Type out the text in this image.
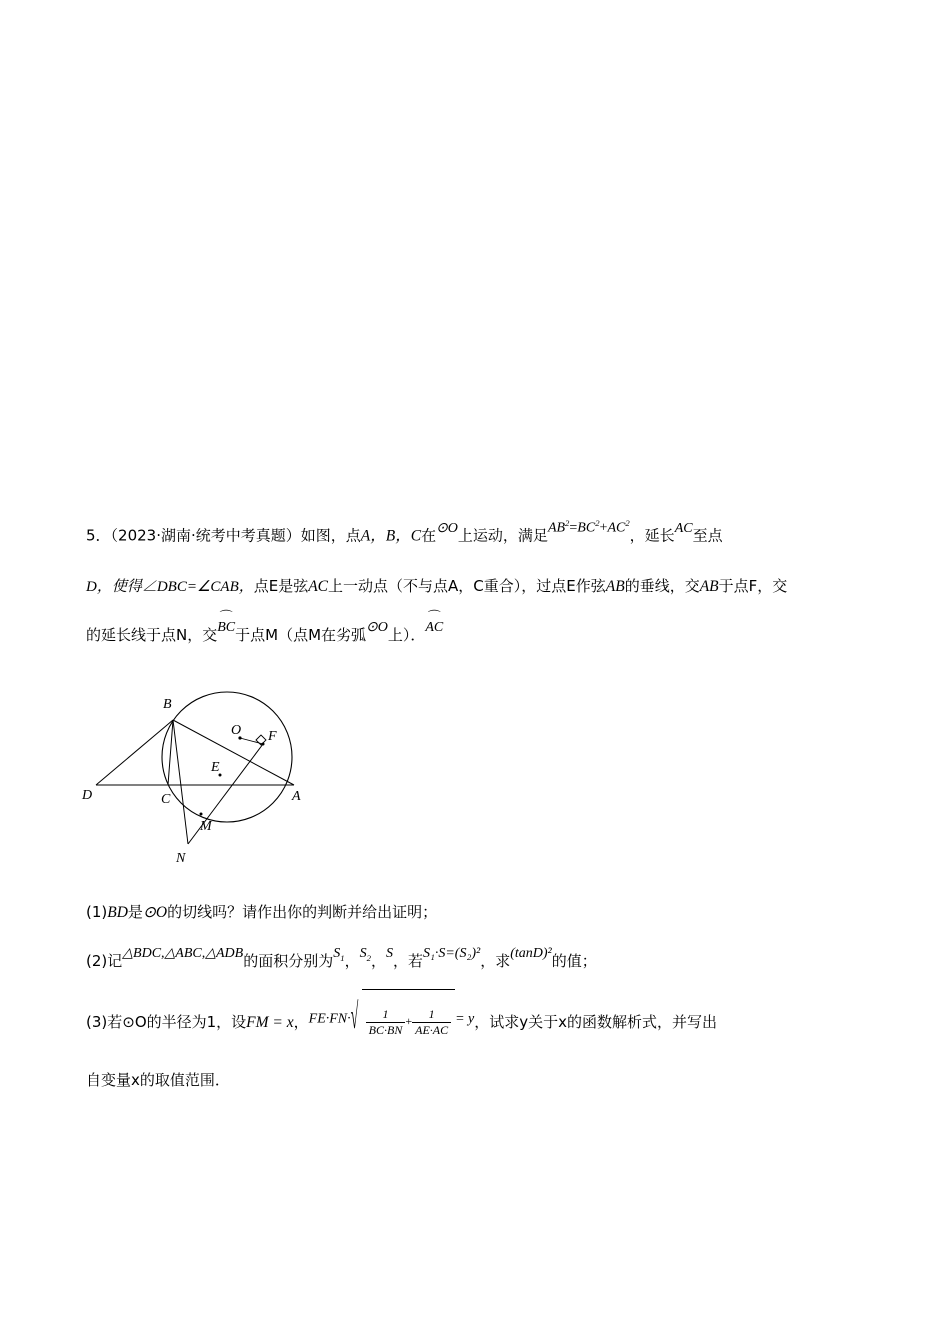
5．（2023·湖南·统考中考真题）如图，点A，B，C在⊙O上运动，满足$AB^2=BC^2+AC^2$，延长AC至点
D，使得∠DBC=∠CAB，点E是弦AC上一动点（不与点A，C重合），过点E作弦AB的垂线，交AB于点F，交
的延长线于点N，交⌒ BC于点M（点M在劣弧⊙O上）．⌒ AC
B
O F
E
A
C
D
M
N
(1)BD是⊙O的切线吗？请作出你的判断并给出证明；
(2)记△BDC,△ABC,△ADB的面积分别为$S_1$，$S_2$，S，若S₁·S=(S₂)²，求(tanD)²的值；
(3)若⊙O的半径为1，设FM = x，FE·FN· √ $\frac{1}{BC\cdot BN} + \frac{1}{AE\cdot AC} = y$，试求y关于x的函数解析式，并写出
自变量x的取值范围．
